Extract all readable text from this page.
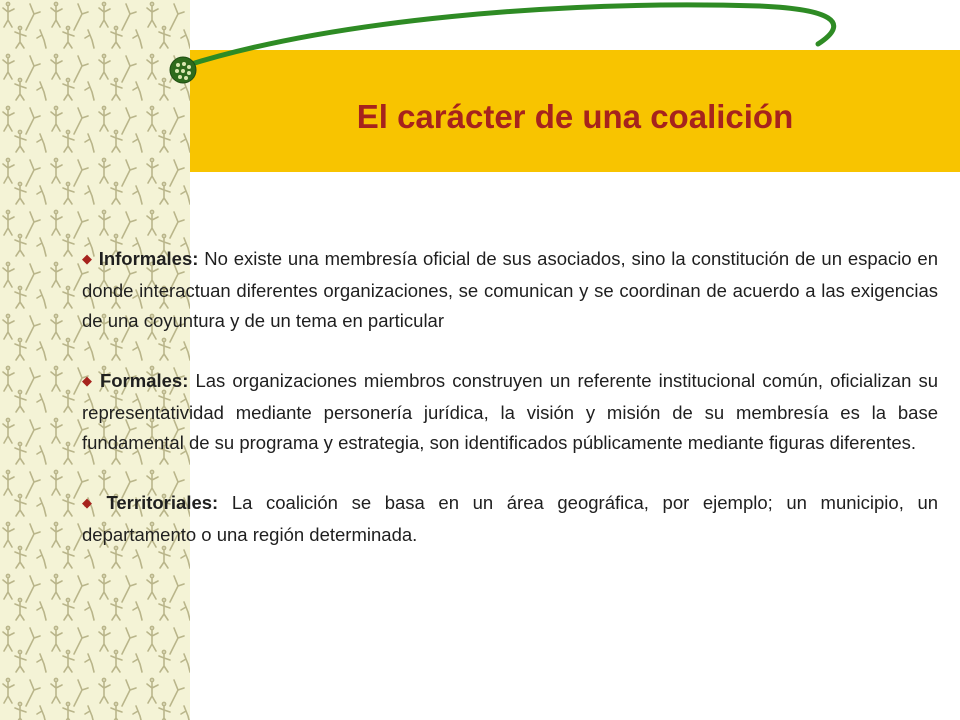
El carácter de una coalición

◆ Informales: No existe una membresía oficial de sus asociados, sino la constitución de un espacio en donde interactuan diferentes organizaciones, se comunican y se coordinan de acuerdo a las exigencias de una coyuntura y de un tema en particular

◆ Formales: Las organizaciones miembros construyen un referente institucional común, oficializan su representatividad mediante personería jurídica, la visión y misión de su membresía es la base fundamental de su programa y estrategia, son identificados públicamente mediante figuras diferentes.

◆ Territoriales: La coalición se basa en un área geográfica, por ejemplo; un municipio, un departamento o una región determinada.
